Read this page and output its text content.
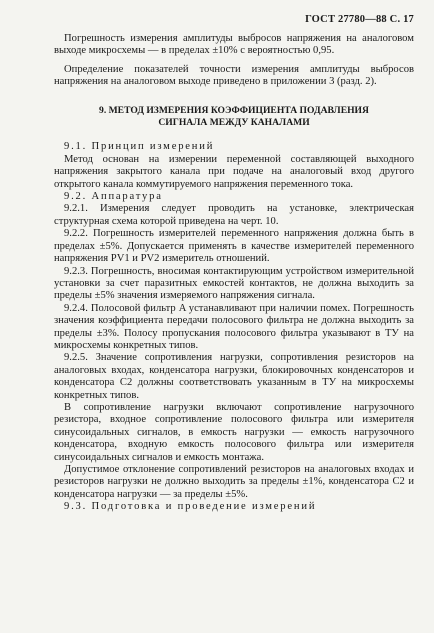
ГОСТ 27780—88 С. 17

Погрешность измерения амплитуды выбросов напряжения на аналоговом выходе микросхемы — в пределах ±10% с вероятностью 0,95.

Определение показателей точности измерения амплитуды выбросов напряжения на аналоговом выходе приведено в приложении 3 (разд. 2).

9. МЕТОД ИЗМЕРЕНИЯ КОЭФФИЦИЕНТА ПОДАВЛЕНИЯ
СИГНАЛА МЕЖДУ КАНАЛАМИ

9.1. Принцип измерений

Метод основан на измерении переменной составляющей выходного напряжения закрытого канала при подаче на аналоговый вход другого открытого канала коммутируемого напряжения переменного тока.

9.2. Аппаратура

9.2.1. Измерения следует проводить на установке, электрическая структурная схема которой приведена на черт. 10.

9.2.2. Погрешность измерителей переменного напряжения должна быть в пределах ±5%. Допускается применять в качестве измерителей переменного напряжения PV1 и PV2 измеритель отношений.

9.2.3. Погрешность, вносимая контактирующим устройством измерительной установки за счет паразитных емкостей контактов, не должна выходить за пределы ±5% значения измеряемого напряжения сигнала.

9.2.4. Полосовой фильтр A устанавливают при наличии помех. Погрешность значения коэффициента передачи полосового фильтра не должна выходить за пределы ±3%. Полосу пропускания полосового фильтра указывают в ТУ на микросхемы конкретных типов.

9.2.5. Значение сопротивления нагрузки, сопротивления резисторов на аналоговых входах, конденсатора нагрузки, блокировочных конденсаторов и конденсатора C2 должны соответствовать указанным в ТУ на микросхемы конкретных типов.

В сопротивление нагрузки включают сопротивление нагрузочного резистора, входное сопротивление полосового фильтра или измерителя синусоидальных сигналов, в емкость нагрузки — емкость нагрузочного конденсатора, входную емкость полосового фильтра или измерителя синусоидальных сигналов и емкость монтажа.

Допустимое отклонение сопротивлений резисторов на аналоговых входах и резисторов нагрузки не должно выходить за пределы ±1%, конденсатора C2 и конденсатора нагрузки — за пределы ±5%.

9.3. Подготовка и проведение измерений
